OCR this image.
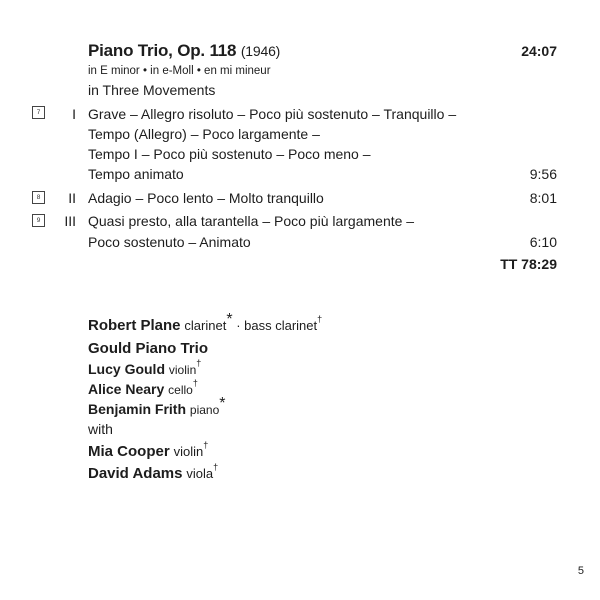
Piano Trio, Op. 118 (1946)	24:07
in E minor • in e-Moll • en mi mineur
in Three Movements
7	I Grave – Allegro risoluto – Poco più sostenuto – Tranquillo –
Tempo (Allegro) – Poco largamente –
Tempo I – Poco più sostenuto – Poco meno –
Tempo animato	9:56
8	II Adagio – Poco lento – Molto tranquillo	8:01
9	III Quasi presto, alla tarantella – Poco più largamente –
Poco sostenuto – Animato	6:10
TT 78:29
Robert Plane clarinet* · bass clarinet†
Gould Piano Trio
Lucy Gould violin†
Alice Neary cello†
Benjamin Frith piano*
with
Mia Cooper violin†
David Adams viola†
5
